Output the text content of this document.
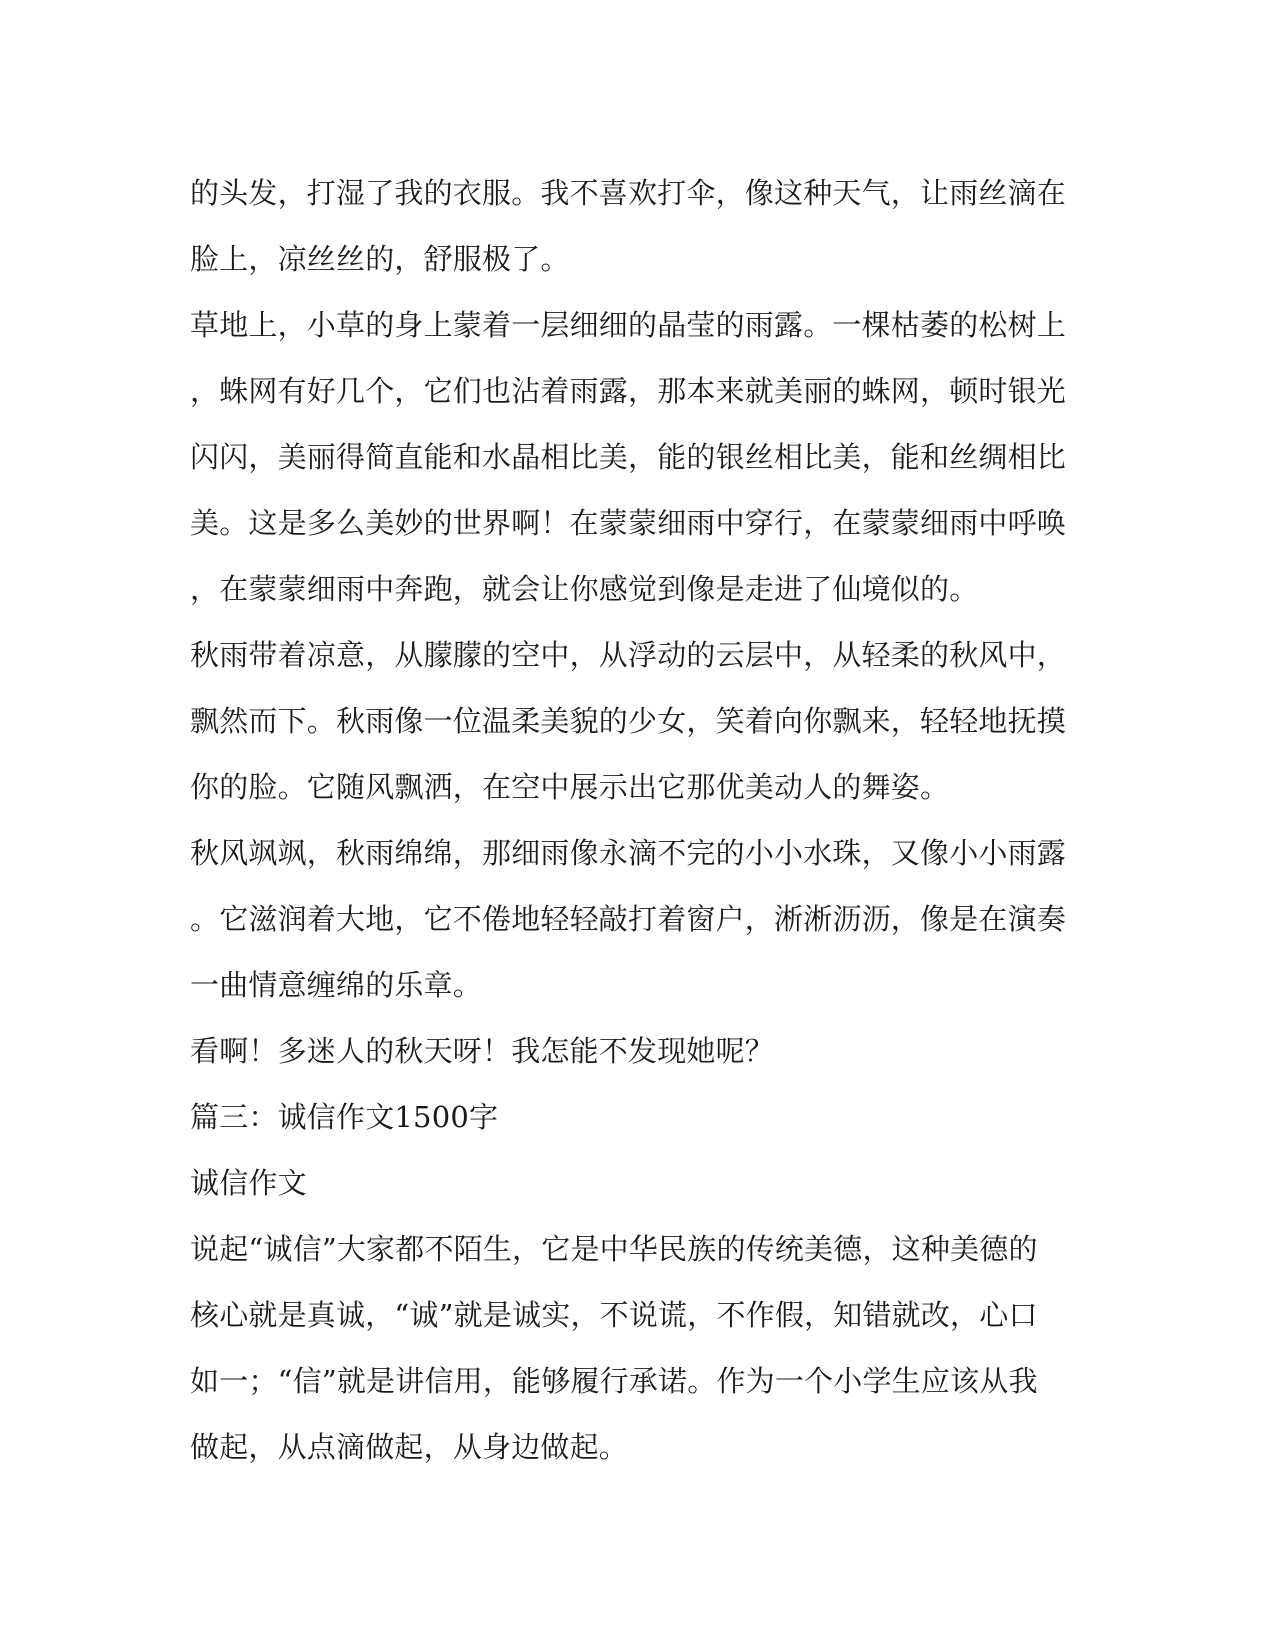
的头发，打湿了我的衣服。我不喜欢打伞，像这种天气，让雨丝滴在
脸上，凉丝丝的，舒服极了。
草地上，小草的身上蒙着一层细细的晶莹的雨露。一棵枯萎的松树上
，蛛网有好几个，它们也沾着雨露，那本来就美丽的蛛网，顿时银光
闪闪，美丽得简直能和水晶相比美，能的银丝相比美，能和丝绸相比
美。这是多么美妙的世界啊！在蒙蒙细雨中穿行，在蒙蒙细雨中呼唤
，在蒙蒙细雨中奔跑，就会让你感觉到像是走进了仙境似的。
秋雨带着凉意，从朦朦的空中，从浮动的云层中，从轻柔的秋风中，
飘然而下。秋雨像一位温柔美貌的少女，笑着向你飘来，轻轻地抚摸
你的脸。它随风飘洒，在空中展示出它那优美动人的舞姿。
秋风飒飒，秋雨绵绵，那细雨像永滴不完的小小水珠，又像小小雨露
。它滋润着大地，它不倦地轻轻敲打着窗户，淅淅沥沥，像是在演奏
一曲情意缠绵的乐章。
看啊！多迷人的秋天呀！我怎能不发现她呢？
篇三：诚信作文1500字
诚信作文
说起“诚信”大家都不陌生，它是中华民族的传统美德，这种美德的
核心就是真诚，“诚”就是诚实，不说谎，不作假，知错就改，心口
如一；“信”就是讲信用，能够履行承诺。作为一个小学生应该从我
做起，从点滴做起，从身边做起。
